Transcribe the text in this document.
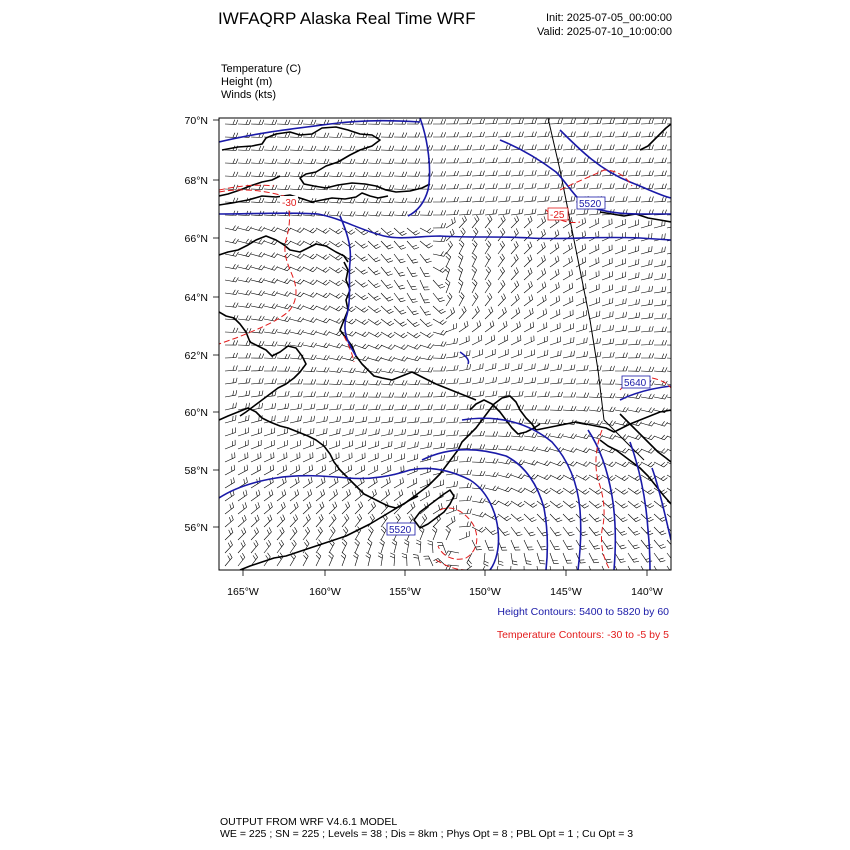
IWFAQRP Alaska Real Time WRF	Init: 2025-07-05_00:00:00
Valid: 2025-07-10_10:00:00
Temperature (C)
Height (m)
Winds (kts)
5520
5640
5520
-30
-25
70°N
68°N
66°N
64°N
62°N
60°N
58°N
56°N
165°W	160°W	155°W	150°W	145°W	140°W
Height Contours: 5400 to 5820 by 60
Temperature Contours: -30 to -5 by 5
OUTPUT FROM WRF V4.6.1 MODEL
WE = 225 ; SN = 225 ; Levels = 38 ; Dis = 8km ; Phys Opt = 8 ; PBL Opt = 1 ; Cu Opt = 3
